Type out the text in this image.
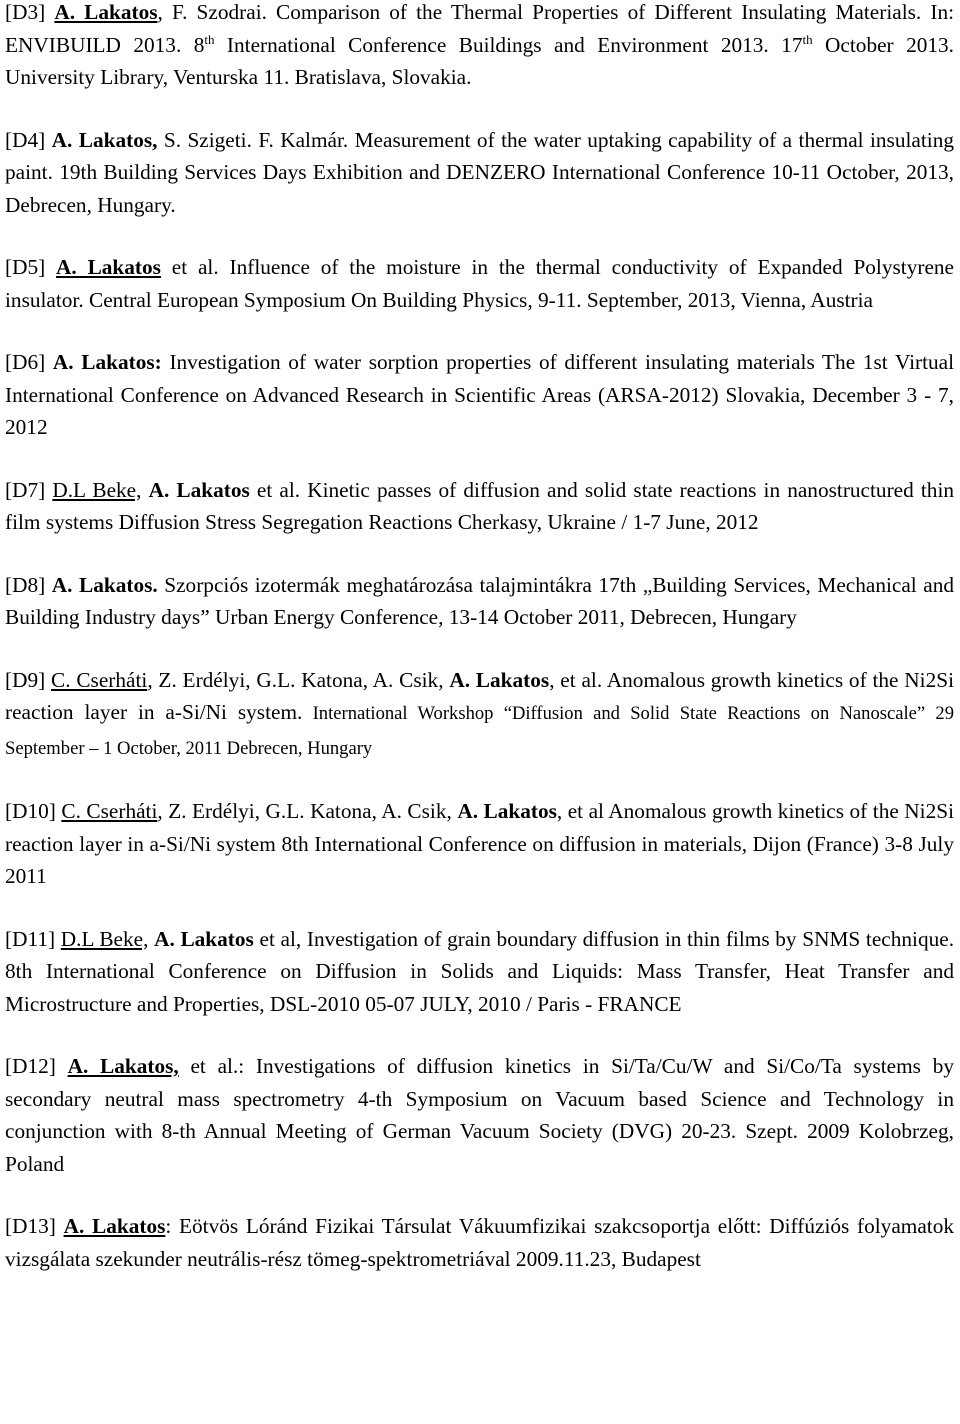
[D3] A. Lakatos, F. Szodrai. Comparison of the Thermal Properties of Different Insulating Materials. In: ENVIBUILD 2013. 8th International Conference Buildings and Environment 2013. 17th October 2013. University Library, Venturska 11. Bratislava, Slovakia.

[D4] A. Lakatos, S. Szigeti. F. Kalmár. Measurement of the water uptaking capability of a thermal insulating paint. 19th Building Services Days Exhibition and DENZERO International Conference 10-11 October, 2013, Debrecen, Hungary.

[D5] A. Lakatos et al. Influence of the moisture in the thermal conductivity of Expanded Polystyrene insulator. Central European Symposium On Building Physics, 9-11. September, 2013, Vienna, Austria

[D6] A. Lakatos: Investigation of water sorption properties of different insulating materials The 1st Virtual International Conference on Advanced Research in Scientific Areas (ARSA-2012) Slovakia, December 3 - 7, 2012

[D7] D.L Beke, A. Lakatos et al. Kinetic passes of diffusion and solid state reactions in nanostructured thin film systems Diffusion Stress Segregation Reactions Cherkasy, Ukraine / 1-7 June, 2012

[D8] A. Lakatos. Szorpciós izotermák meghatározása talajmintákra 17th „Building Services, Mechanical and Building Industry days” Urban Energy Conference, 13-14 October 2011, Debrecen, Hungary

[D9] C. Cserháti, Z. Erdélyi, G.L. Katona, A. Csik, A. Lakatos, et al. Anomalous growth kinetics of the Ni2Si reaction layer in a-Si/Ni system. International Workshop “Diffusion and Solid State Reactions on Nanoscale” 29 September – 1 October, 2011 Debrecen, Hungary

[D10] C. Cserháti, Z. Erdélyi, G.L. Katona, A. Csik, A. Lakatos, et al Anomalous growth kinetics of the Ni2Si reaction layer in a-Si/Ni system 8th International Conference on diffusion in materials, Dijon (France) 3-8 July 2011

[D11] D.L Beke, A. Lakatos et al, Investigation of grain boundary diffusion in thin films by SNMS technique. 8th International Conference on Diffusion in Solids and Liquids: Mass Transfer, Heat Transfer and Microstructure and Properties, DSL-2010 05-07 JULY, 2010 / Paris - FRANCE

[D12] A. Lakatos, et al.: Investigations of diffusion kinetics in Si/Ta/Cu/W and Si/Co/Ta systems by secondary neutral mass spectrometry 4-th Symposium on Vacuum based Science and Technology in conjunction with 8-th Annual Meeting of German Vacuum Society (DVG) 20-23. Szept. 2009 Kolobrzeg, Poland

[D13] A. Lakatos: Eötvös Lóránd Fizikai Társulat Vákuumfizikai szakcsoportja előtt: Diffúziós folyamatok vizsgálata szekunder neutrális-rész tömeg-spektrometriával 2009.11.23, Budapest
